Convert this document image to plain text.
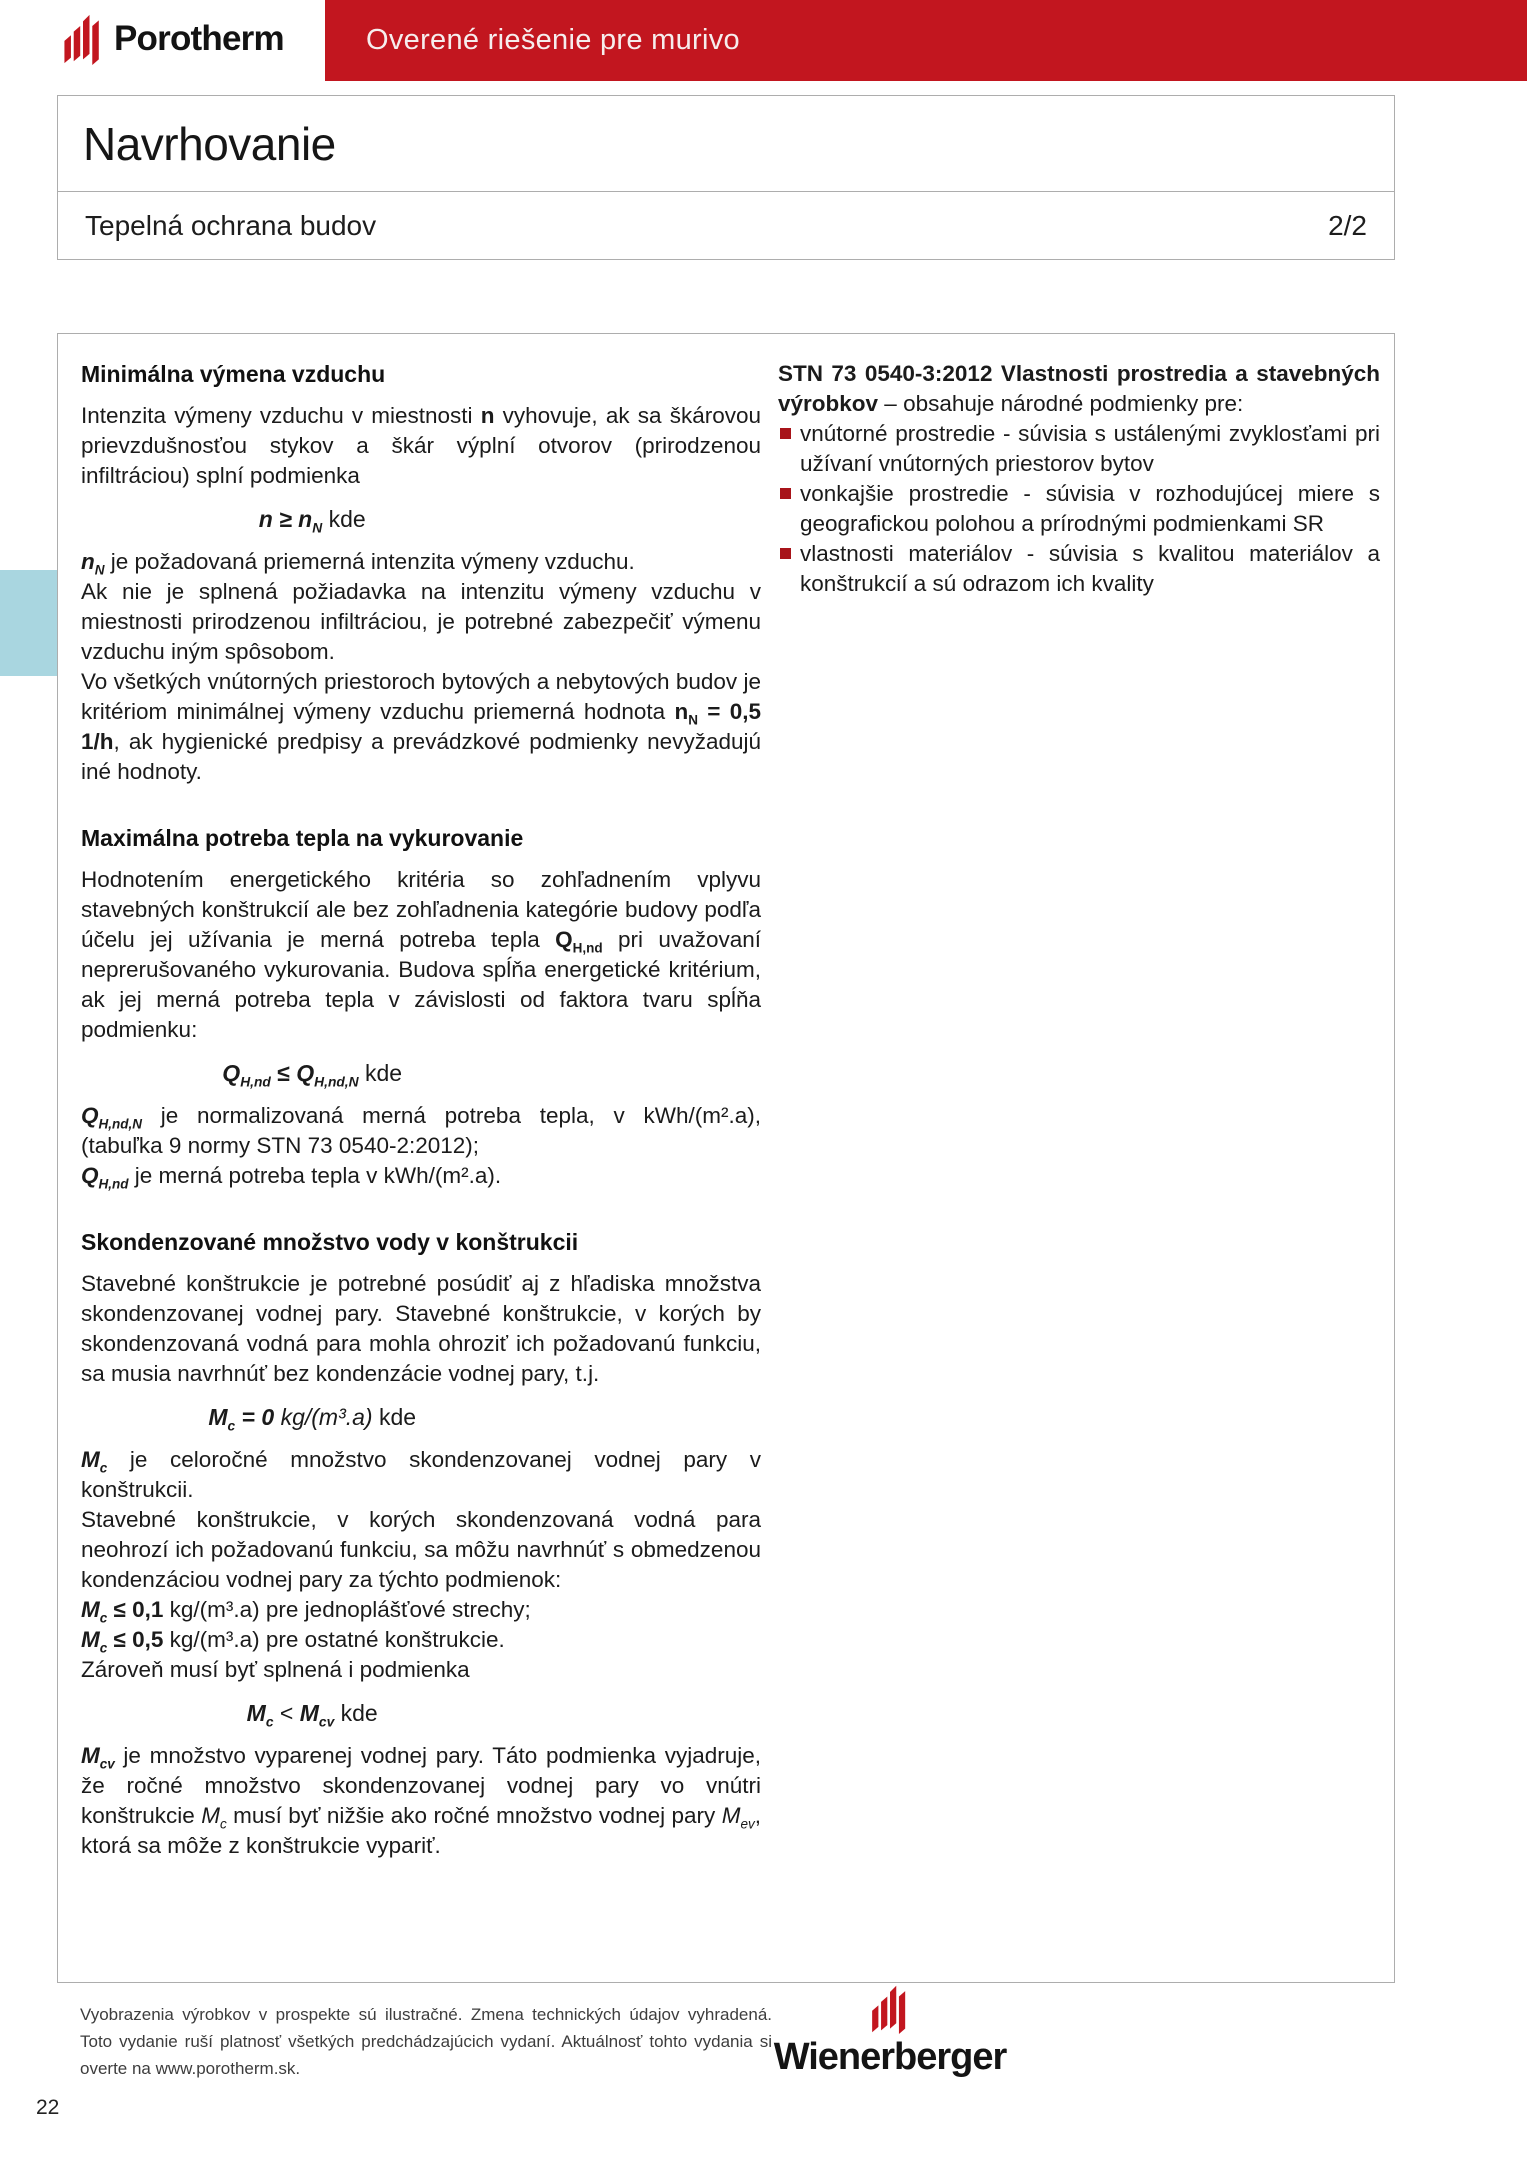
Porotherm	Overené riešenie pre murivo
Navrhovanie
Tepelná ochrana budov	2/2
Minimálna výmena vzduchu

Intenzita výmeny vzduchu v miestnosti n vyhovuje, ak sa škárovou prievzdušnosťou stykov a škár výplní otvorov (prirodzenou infiltráciou) splní podmienka

$n \ge n_N$ kde

$n_N$ je požadovaná priemerná intenzita výmeny vzduchu.

Ak nie je splnená požiadavka na intenzitu výmeny vzduchu v miestnosti prirodzenou infiltráciou, je potrebné zabezpečiť výmenu vzduchu iným spôsobom.

Vo všetkých vnútorných priestoroch bytových a nebytových budov je kritériom minimálnej výmeny vzduchu priemerná hodnota $n_N = 0,5$ 1/h, ak hygienické predpisy a prevádzkové podmienky nevyžadujú iné hodnoty.

Maximálna potreba tepla na vykurovanie

Hodnotením energetického kritéria so zohľadnením vplyvu stavebných konštrukcií ale bez zohľadnenia kategórie budovy podľa účelu jej užívania je merná potreba tepla $Q_{H,nd}$ pri uvažovaní neprerušovaného vykurovania. Budova spĺňa energetické kritérium, ak jej merná potreba tepla v závislosti od faktora tvaru spĺňa podmienku:

$Q_{H,nd} \le Q_{H,nd,N}$ kde

$Q_{H,nd,N}$ je normalizovaná merná potreba tepla, v kWh/(m².a), (tabuľka 9 normy STN 73 0540-2:2012);

$Q_{H,nd}$ je merná potreba tepla v kWh/(m².a).

Skondenzované množstvo vody v konštrukcii

Stavebné konštrukcie je potrebné posúdiť aj z hľadiska množstva skondenzovanej vodnej pary. Stavebné konštrukcie, v korých by skondenzovaná vodná para mohla ohroziť ich požadovanú funkciu, sa musia navrhnúť bez kondenzácie vodnej pary, t.j.

$M_c = 0$ kg/(m³.a) kde

$M_c$ je celoročné množstvo skondenzovanej vodnej pary v konštrukcii.

Stavebné konštrukcie, v korých skondenzovaná vodná para neohrozí ich požadovanú funkciu, sa môžu navrhnúť s obmedzenou kondenzáciou vodnej pary za týchto podmienok:

$M_c \le 0,1$ kg/(m³.a) pre jednoplášťové strechy;

$M_c \le 0,5$ kg/(m³.a) pre ostatné konštrukcie.

Zároveň musí byť splnená i podmienka

$M_c < M_{cv}$ kde

$M_{cv}$ je množstvo vyparenej vodnej pary. Táto podmienka vyjadruje, že ročné množstvo skondenzovanej vodnej pary vo vnútri konštrukcie $M_c$ musí byť nižšie ako ročné množstvo vodnej pary $M_{ev}$, ktorá sa môže z konštrukcie vypariť.

STN 73 0540-3:2012 Vlastnosti prostredia a stavebných výrobkov – obsahuje národné podmienky pre:

vnútorné prostredie - súvisia s ustálenými zvyklosťami pri užívaní vnútorných priestorov bytov
vonkajšie prostredie - súvisia v rozhodujúcej miere s geografickou polohou a prírodnými podmienkami SR
vlastnosti materiálov - súvisia s kvalitou materiálov a konštrukcií a sú odrazom ich kvality

Vyobrazenia výrobkov v prospekte sú ilustračné. Zmena technických údajov vyhradená. Toto vydanie ruší platnosť všetkých predchádzajúcich vydaní. Aktuálnosť tohto vydania si overte na www.porotherm.sk.	Wienerberger
22
